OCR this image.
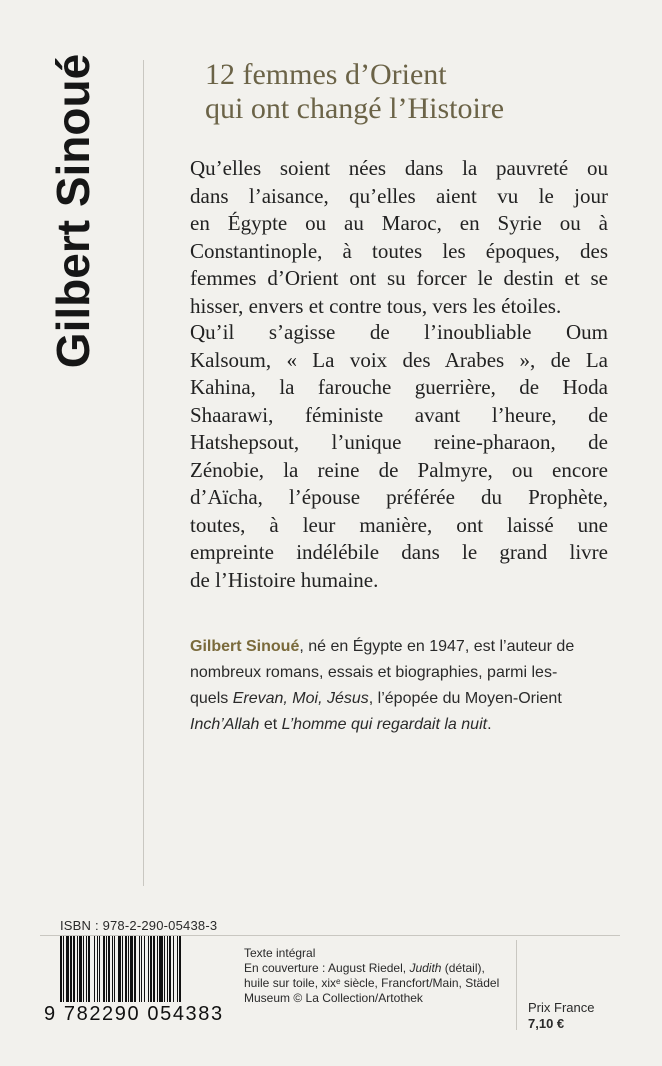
Gilbert Sinoué	12 femmes d’Orient
qui ont changé l’Histoire
Qu’elles soient nées dans la pauvreté ou
dans l’aisance, qu’elles aient vu le jour
en Égypte ou au Maroc, en Syrie ou à
Constantinople, à toutes les époques, des
femmes d’Orient ont su forcer le destin et se
hisser, envers et contre tous, vers les étoiles.
Qu’il s’agisse de l’inoubliable Oum
Kalsoum, « La voix des Arabes », de La
Kahina, la farouche guerrière, de Hoda
Shaarawi, féministe avant l’heure, de
Hatshepsout, l’unique reine-pharaon, de
Zénobie, la reine de Palmyre, ou encore
d’Aïcha, l’épouse préférée du Prophète,
toutes, à leur manière, ont laissé une
empreinte indélébile dans le grand livre
de l’Histoire humaine.
Gilbert Sinoué, né en Égypte en 1947, est l’auteur de
nombreux romans, essais et biographies, parmi les-
quels Erevan, Moi, Jésus, l’épopée du Moyen-Orient
Inch’Allah et L’homme qui regardait la nuit.
ISBN : 978-2-290-05438-3
9 782290 054383
Texte intégral
En couverture : August Riedel, Judith (détail),
huile sur toile, xixᵉ siècle, Francfort/Main, Städel
Museum © La Collection/Artothek
Prix France
7,10 €
